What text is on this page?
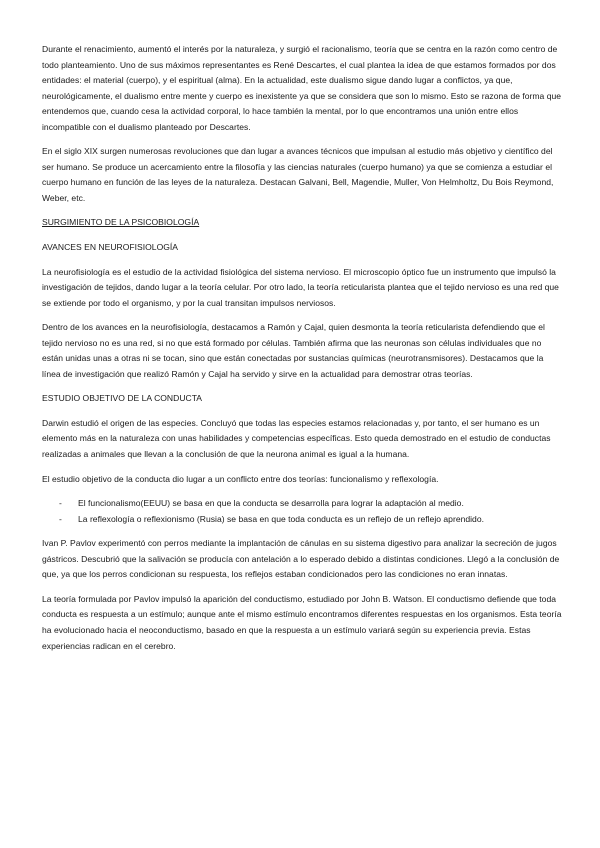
Durante el renacimiento, aumentó el interés por la naturaleza, y surgió el racionalismo, teoría que se centra en la razón como centro de todo planteamiento. Uno de sus máximos representantes es René Descartes, el cual plantea la idea de que estamos formados por dos entidades: el material (cuerpo), y el espiritual (alma). En la actualidad, este dualismo sigue dando lugar a conflictos, ya que, neurológicamente, el dualismo entre mente y cuerpo es inexistente ya que se considera que son lo mismo. Esto se razona de forma que entendemos que, cuando cesa la actividad corporal, lo hace también la mental, por lo que encontramos una unión entre ellos incompatible con el dualismo planteado por Descartes.

En el siglo XIX surgen numerosas revoluciones que dan lugar a avances técnicos que impulsan al estudio más objetivo y científico del ser humano. Se produce un acercamiento entre la filosofía y las ciencias naturales (cuerpo humano) ya que se comienza a estudiar el cuerpo humano en función de las leyes de la naturaleza. Destacan Galvani, Bell, Magendie, Muller, Von Helmholtz, Du Bois Reymond, Weber, etc.

SURGIMIENTO DE LA PSICOBIOLOGÍA

AVANCES EN NEUROFISIOLOGÍA

La neurofisiología es el estudio de la actividad fisiológica del sistema nervioso. El microscopio óptico fue un instrumento que impulsó la investigación de tejidos, dando lugar a la teoría celular. Por otro lado, la teoría reticularista plantea que el tejido nervioso es una red que se extiende por todo el organismo, y por la cual transitan impulsos nerviosos.

Dentro de los avances en la neurofisiología, destacamos a Ramón y Cajal, quien desmonta la teoría reticularista defendiendo que el tejido nervioso no es una red, si no que está formado por células. También afirma que las neuronas son células individuales que no están unidas unas a otras ni se tocan, sino que están conectadas por sustancias químicas (neurotransmisores). Destacamos que la línea de investigación que realizó Ramón y Cajal ha servido y sirve en la actualidad para demostrar otras teorías.

ESTUDIO OBJETIVO DE LA CONDUCTA

Darwin estudió el origen de las especies. Concluyó que todas las especies estamos relacionadas y, por tanto, el ser humano es un elemento más en la naturaleza con unas habilidades y competencias específicas. Esto queda demostrado en el estudio de conductas realizadas a animales que llevan a la conclusión de que la neurona animal es igual a la humana.

El estudio objetivo de la conducta dio lugar a un conflicto entre dos teorías: funcionalismo y reflexología.

- El funcionalismo(EEUU) se basa en que la conducta se desarrolla para lograr la adaptación al medio.
- La reflexología o reflexionismo (Rusia) se basa en que toda conducta es un reflejo de un reflejo aprendido.

Ivan P. Pavlov experimentó con perros mediante la implantación de cánulas en su sistema digestivo para analizar la secreción de jugos gástricos. Descubrió que la salivación se producía con antelación a lo esperado debido a distintas condiciones. Llegó a la conclusión de que, ya que los perros condicionan su respuesta, los reflejos estaban condicionados pero las condiciones no eran innatas.

La teoría formulada por Pavlov impulsó la aparición del conductismo, estudiado por John B. Watson. El conductismo defiende que toda conducta es respuesta a un estímulo; aunque ante el mismo estímulo encontramos diferentes respuestas en los organismos. Esta teoría ha evolucionado hacia el neoconductismo, basado en que la respuesta a un estímulo variará según su experiencia previa. Estas experiencias radican en el cerebro.
